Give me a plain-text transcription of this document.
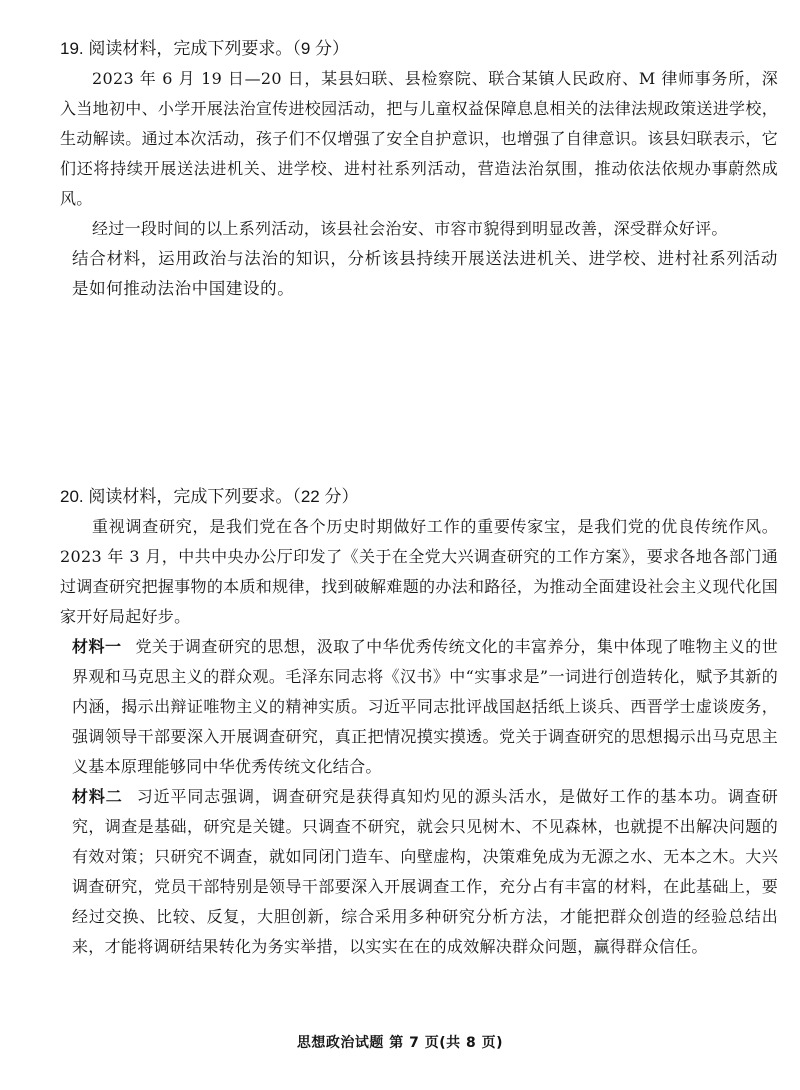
19. 阅读材料，完成下列要求。（9 分）

2023 年 6 月 19 日—20 日，某县妇联、县检察院、联合某镇人民政府、M 律师事务所，深入当地初中、小学开展法治宣传进校园活动，把与儿童权益保障息息相关的法律法规政策送进学校，生动解读。通过本次活动，孩子们不仅增强了安全自护意识，也增强了自律意识。该县妇联表示，它们还将持续开展送法进机关、进学校、进村社系列活动，营造法治氛围，推动依法依规办事蔚然成风。

经过一段时间的以上系列活动，该县社会治安、市容市貌得到明显改善，深受群众好评。

结合材料，运用政治与法治的知识，分析该县持续开展送法进机关、进学校、进村社系列活动是如何推动法治中国建设的。

20. 阅读材料，完成下列要求。（22 分）

重视调查研究，是我们党在各个历史时期做好工作的重要传家宝，是我们党的优良传统作风。2023 年 3 月，中共中央办公厅印发了《关于在全党大兴调查研究的工作方案》，要求各地各部门通过调查研究把握事物的本质和规律，找到破解难题的办法和路径，为推动全面建设社会主义现代化国家开好局起好步。

材料一 党关于调查研究的思想，汲取了中华优秀传统文化的丰富养分，集中体现了唯物主义的世界观和马克思主义的群众观。毛泽东同志将《汉书》中“实事求是”一词进行创造转化，赋予其新的内涵，揭示出辩证唯物主义的精神实质。习近平同志批评战国赵括纸上谈兵、西晋学士虚谈废务，强调领导干部要深入开展调查研究，真正把情况摸实摸透。党关于调查研究的思想揭示出马克思主义基本原理能够同中华优秀传统文化结合。

材料二 习近平同志强调，调查研究是获得真知灼见的源头活水，是做好工作的基本功。调查研究，调查是基础，研究是关键。只调查不研究，就会只见树木、不见森林，也就提不出解决问题的有效对策；只研究不调查，就如同闭门造车、向壁虚构，决策难免成为无源之水、无本之木。大兴调查研究，党员干部特别是领导干部要深入开展调查工作，充分占有丰富的材料，在此基础上，要经过交换、比较、反复，大胆创新，综合采用多种研究分析方法，才能把群众创造的经验总结出来，才能将调研结果转化为务实举措，以实实在在的成效解决群众问题，赢得群众信任。

思想政治试题 第 7 页(共 8 页)
